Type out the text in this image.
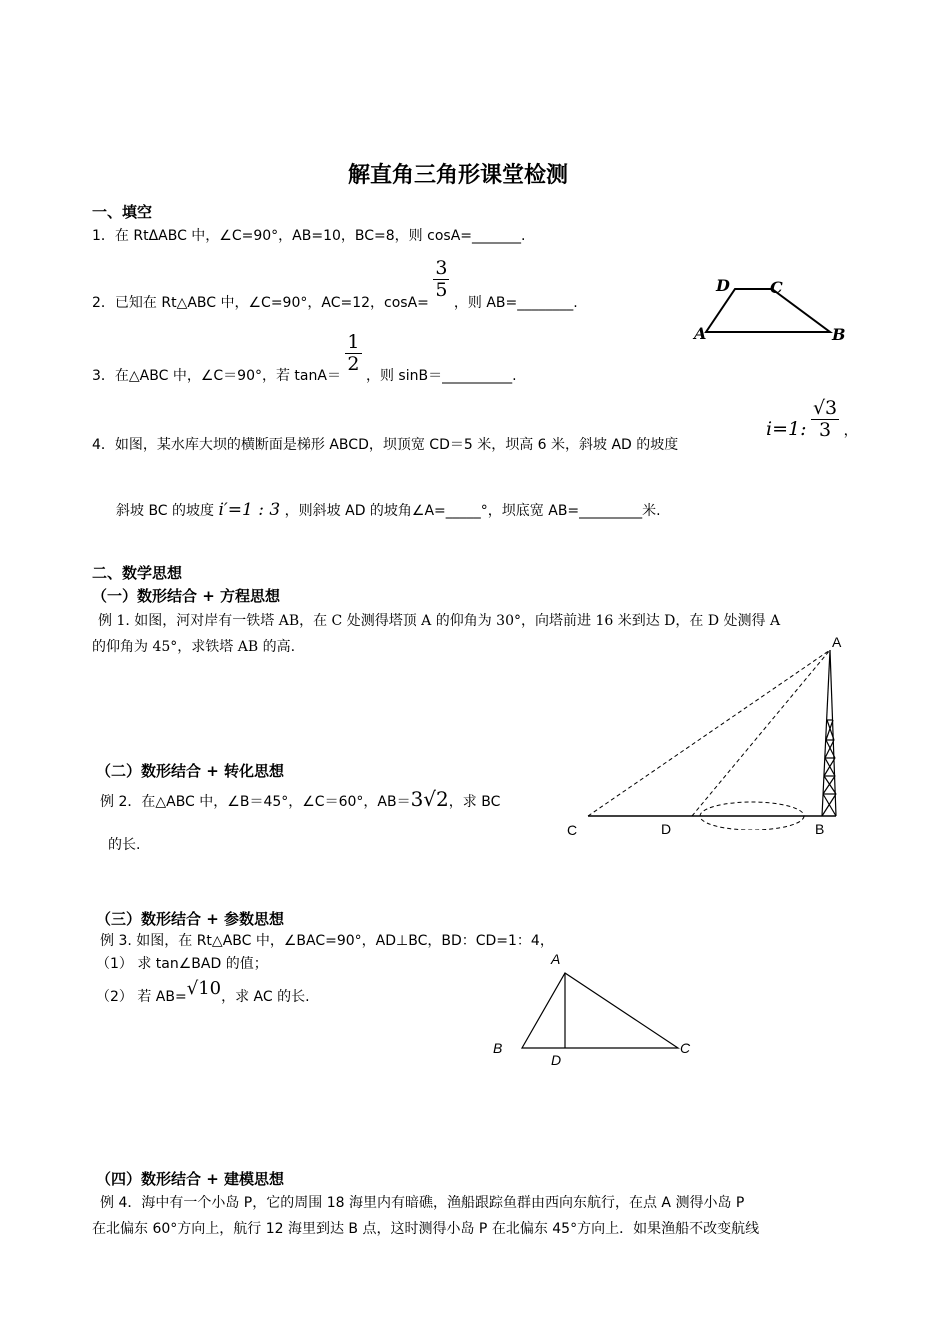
解直角三角形课堂检测
一、填空
1．在 RtΔABC 中，∠C=90°，AB=10，BC=8，则 cosA=_______.
2．已知在 Rt△ABC 中，∠C=90°，AC=12，cosA=
$\frac{3}{5}$
，则 AB=________.
3．在△ABC 中，∠C＝90°，若 tanA＝
$\frac{1}{2}$
，则 sinB＝__________.
4．如图，某水库大坝的横断面是梯形 ABCD，坝顶宽 CD＝5 米，坝高 6 米，斜坡 AD 的坡度
i=1: $\frac{√3}{3}$ ，
斜坡 BC 的坡度 i′=1 : 3 ，则斜坡 AD 的坡角∠A=_____°，坝底宽 AB=_________米.
D	C
A	B
二、数学思想
（一）数形结合 + 方程思想
例 1. 如图，河对岸有一铁塔 AB，在 C 处测得塔顶 A 的仰角为 30°，向塔前进 16 米到达 D，在 D 处测得 A
的仰角为 45°，求铁塔 AB 的高.	A
C	D	B
（二）数形结合 + 转化思想
例 2．在△ABC 中，∠B＝45°，∠C＝60°，AB＝3√2，求 BC
的长.
（三）数形结合 + 参数思想
例 3. 如图，在 Rt△ABC 中，∠BAC=90°，AD⊥BC，BD：CD=1：4，
（1） 求 tan∠BAD 的值；
（2） 若 AB=√10，求 AC 的长.
A
B
D
C
（四）数形结合 + 建模思想
例 4．海中有一个小岛 P，它的周围 18 海里内有暗礁，渔船跟踪鱼群由西向东航行，在点 A 测得小岛 P
在北偏东 60°方向上，航行 12 海里到达 B 点，这时测得小岛 P 在北偏东 45°方向上．如果渔船不改变航线
